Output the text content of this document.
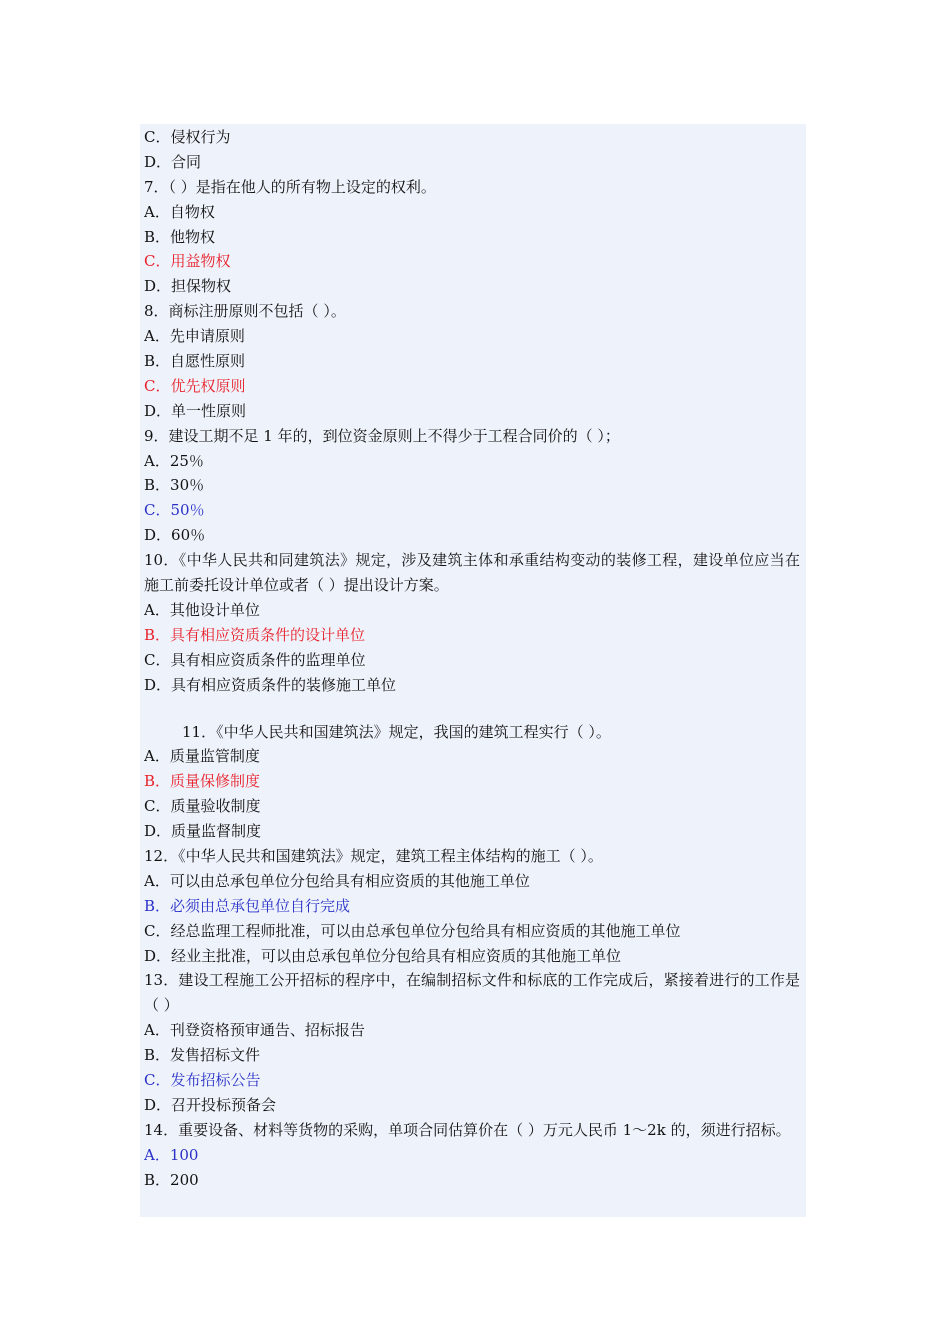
C．侵权行为
D．合同
7．（ ）是指在他人的所有物上设定的权利。
A．自物权
B．他物权
C．用益物权
D．担保物权
8．商标注册原则不包括（ ）。
A．先申请原则
B．自愿性原则
C．优先权原则
D．单一性原则
9．建设工期不足 1 年的，到位资金原则上不得少于工程合同价的（ ）；
A．25％
B．30％
C．50％
D．60％
10．《中华人民共和同建筑法》规定，涉及建筑主体和承重结构变动的装修工程，建设单位应当在施工前委托设计单位或者（ ）提出设计方案。
A．其他设计单位
B．具有相应资质条件的设计单位
C．具有相应资质条件的监理单位
D．具有相应资质条件的装修施工单位
11．《中华人民共和国建筑法》规定，我国的建筑工程实行（ ）。
A．质量监管制度
B．质量保修制度
C．质量验收制度
D．质量监督制度
12．《中华人民共和国建筑法》规定，建筑工程主体结构的施工（ ）。
A．可以由总承包单位分包给具有相应资质的其他施工单位
B．必须由总承包单位自行完成
C．经总监理工程师批准，可以由总承包单位分包给具有相应资质的其他施工单位
D．经业主批准，可以由总承包单位分包给具有相应资质的其他施工单位
13．建设工程施工公开招标的程序中，在编制招标文件和标底的工作完成后，紧接着进行的工作是（ ）
A．刊登资格预审通告、招标报告
B．发售招标文件
C．发布招标公告
D．召开投标预备会
14．重要设备、材料等货物的采购，单项合同估算价在（ ）万元人民币 1～2k 的，须进行招标。
A．100
B．200
